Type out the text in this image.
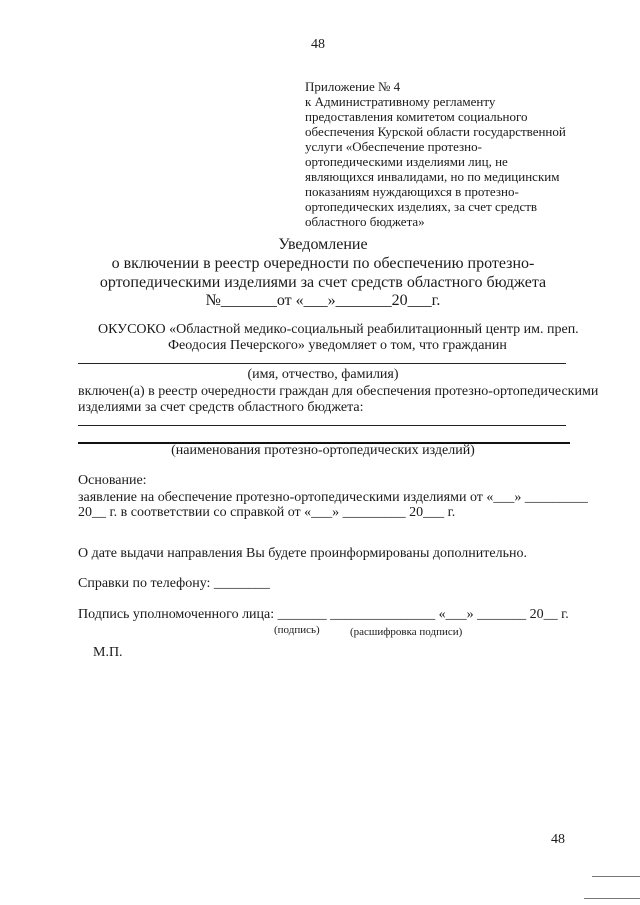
48
Приложение № 4
к Административному регламенту
предоставления комитетом социального
обеспечения Курской области государственной
услуги «Обеспечение протезно-
ортопедическими изделиями лиц, не
являющихся инвалидами, но по медицинским
показаниям нуждающихся в протезно-
ортопедических изделиях, за счет средств
областного бюджета»
Уведомление
о включении в реестр очередности по обеспечению протезно-
ортопедическими изделиями за счет средств областного бюджета
№_______от «___»_______20___г.
ОКУСОКО «Областной медико-социальный реабилитационный центр им. преп.
Феодосия Печерского» уведомляет о том, что гражданин
(имя, отчество, фамилия)
включен(а) в реестр очередности граждан для обеспечения протезно-ортопедическими
изделиями за счет средств областного бюджета:
(наименования протезно-ортопедических изделий)
Основание:
заявление на обеспечение протезно-ортопедическими изделиями от «___» _________
20__ г. в соответствии со справкой от «___» _________ 20___ г.
О дате выдачи направления Вы будете проинформированы дополнительно.
Справки по телефону: ________
Подпись уполномоченного лица: _______ _______________ «___» _______ 20__ г.
(подпись)	(расшифровка подписи)
М.П.
48
